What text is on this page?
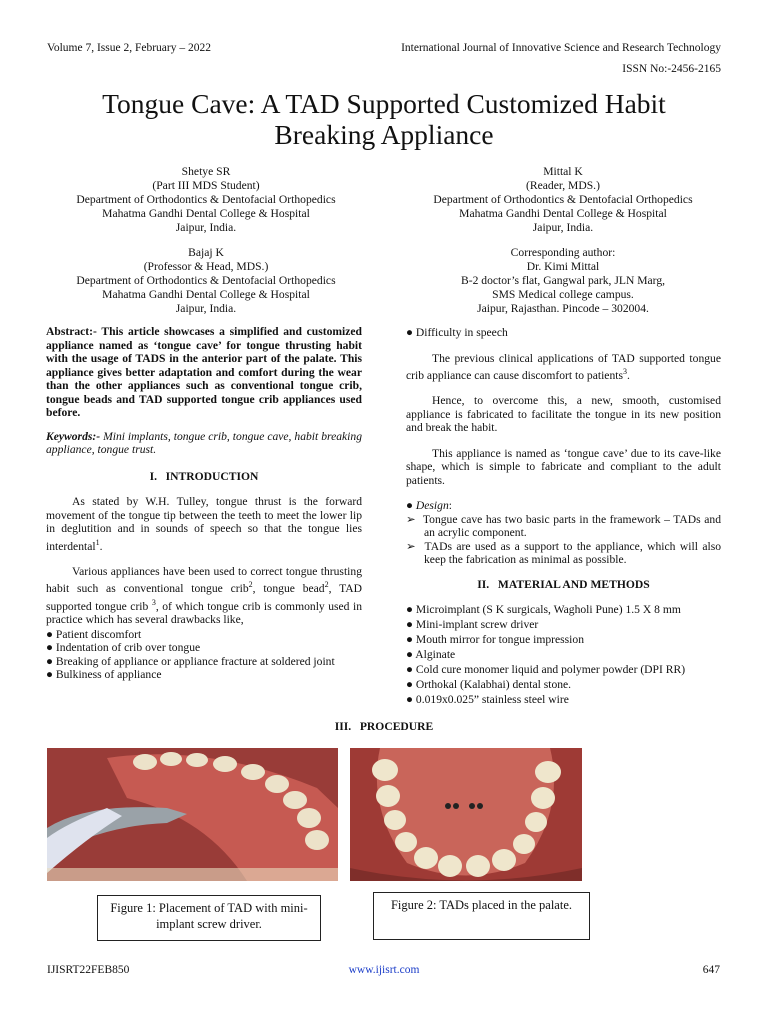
Volume 7, Issue 2, February – 2022	International Journal of Innovative Science and Research Technology
ISSN No:-2456-2165
Tongue Cave: A TAD Supported Customized Habit
Breaking Appliance
Shetye SR
(Part III MDS Student)
Department of Orthodontics & Dentofacial Orthopedics
Mahatma Gandhi Dental College & Hospital
Jaipur, India.
Mittal K
(Reader, MDS.)
Department of Orthodontics & Dentofacial Orthopedics
Mahatma Gandhi Dental College & Hospital
Jaipur, India.
Bajaj K
(Professor & Head, MDS.)
Department of Orthodontics & Dentofacial Orthopedics
Mahatma Gandhi Dental College & Hospital
Jaipur, India.
Corresponding author:
Dr. Kimi Mittal
B-2 doctor’s flat, Gangwal park, JLN Marg,
SMS Medical college campus.
Jaipur, Rajasthan. Pincode – 302004.

Abstract:- This article showcases a simplified and customized appliance named as ‘tongue cave’ for tongue thrusting habit with the usage of TADS in the anterior part of the palate. This appliance gives better adaptation and comfort during the wear than the other appliances such as conventional tongue crib, tongue beads and TAD supported tongue crib appliances used before.

Keywords:- Mini implants, tongue crib, tongue cave, habit breaking appliance, tongue trust.

I.   INTRODUCTION

As stated by W.H. Tulley, tongue thrust is the forward movement of the tongue tip between the teeth to meet the lower lip in deglutition and in sounds of speech so that the tongue lies interdental$^1$.

Various appliances have been used to correct tongue thrusting habit such as conventional tongue crib$^2$, tongue bead$^2$, TAD supported tongue crib $^3$, of which tongue crib is commonly used in practice which has several drawbacks like,

● Patient discomfort
● Indentation of crib over tongue
● Breaking of appliance or appliance fracture at soldered joint
● Bulkiness of appliance
● Difficulty in speech

The previous clinical applications of TAD supported tongue crib appliance can cause discomfort to patients$^3$.

Hence, to overcome this, a new, smooth, customised appliance is fabricated to facilitate the tongue in its new position and break the habit.

This appliance is named as ‘tongue cave’ due to its cave-like shape, which is simple to fabricate and compliant to the adult patients.

● Design:
➢  Tongue cave has two basic parts in the framework – TADs and an acrylic component.
➢  TADs are used as a support to the appliance, which will also keep the fabrication as minimal as possible.
II.   MATERIAL AND METHODS
● Microimplant (S K surgicals, Wagholi Pune) 1.5 X 8 mm
● Mini-implant screw driver
● Mouth mirror for tongue impression
● Alginate
● Cold cure monomer liquid and polymer powder (DPI RR)
● Orthokal (Kalabhai) dental stone.
● 0.019x0.025” stainless steel wire
III.   PROCEDURE
Figure 1: Placement of TAD with mini-implant screw driver.
Figure 2: TADs placed in the palate.
IJISRT22FEB850	www.ijisrt.com	647
